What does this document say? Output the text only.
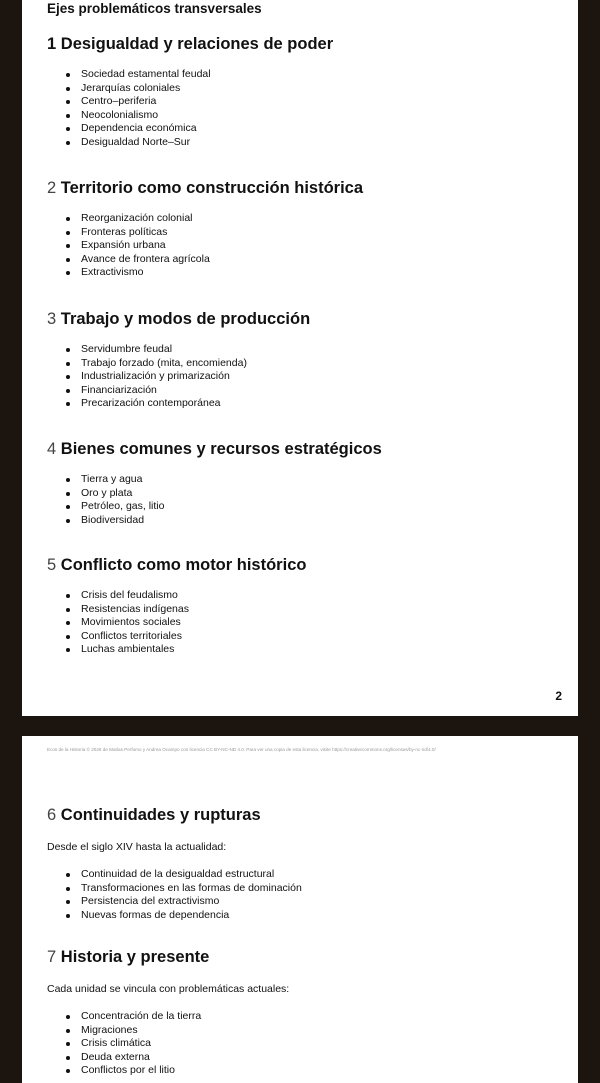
Ejes problemáticos transversales
1 Desigualdad y relaciones de poder
Sociedad estamental feudal
Jerarquías coloniales
Centro–periferia
Neocolonialismo
Dependencia económica
Desigualdad Norte–Sur
2 Territorio como construcción histórica
Reorganización colonial
Fronteras políticas
Expansión urbana
Avance de frontera agrícola
Extractivismo
3 Trabajo y modos de producción
Servidumbre feudal
Trabajo forzado (mita, encomienda)
Industrialización y primarización
Financiarización
Precarización contemporánea
4 Bienes comunes y recursos estratégicos
Tierra y agua
Oro y plata
Petróleo, gas, litio
Biodiversidad
5 Conflicto como motor histórico
Crisis del feudalismo
Resistencias indígenas
Movimientos sociales
Conflictos territoriales
Luchas ambientales
2
Ecos de la Historia © 2026 de Matías Perfumo y Andrea Ocampo con licencia CC BY-NC-ND 4.0. Para ver una copia de esta licencia, visite https://creativecommons.org/licenses/by-nc-nd/4.0/
6 Continuidades y rupturas

Desde el siglo XIV hasta la actualidad:

Continuidad de la desigualdad estructural
Transformaciones en las formas de dominación
Persistencia del extractivismo
Nuevas formas de dependencia
7 Historia y presente

Cada unidad se vincula con problemáticas actuales:

Concentración de la tierra
Migraciones
Crisis climática
Deuda externa
Conflictos por el litio
